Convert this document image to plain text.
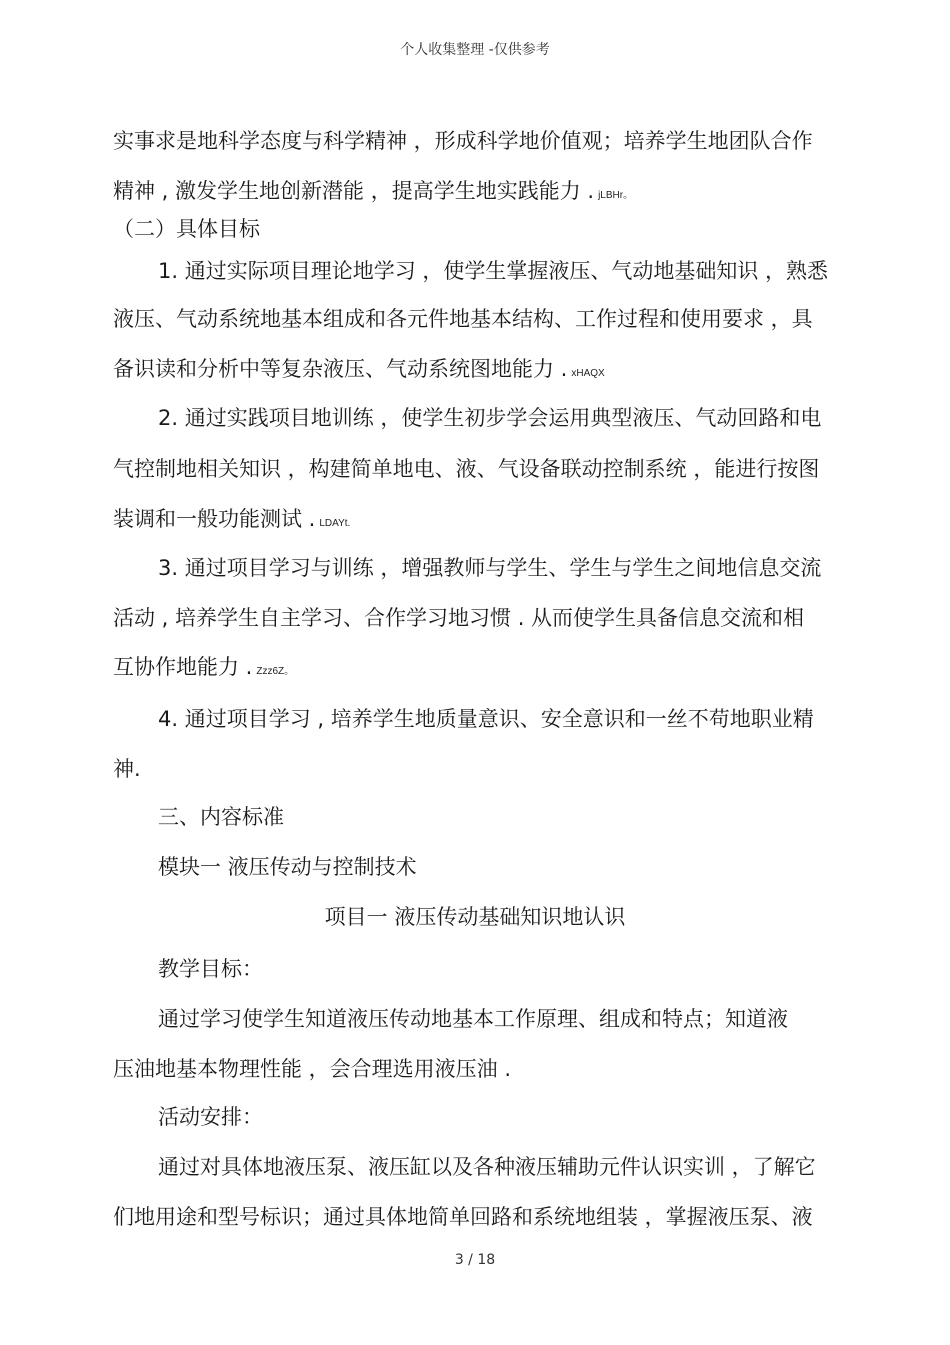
个人收集整理 -仅供参考
实事求是地科学态度与科学精神 ，形成科学地价值观；培养学生地团队合作
精神 , 激发学生地创新潜能 ，提高学生地实践能力 . jLBHr。
（二）具体目标
1. 通过实际项目理论地学习 ，使学生掌握液压、气动地基础知识 ，熟悉
液压、气动系统地基本组成和各元件地基本结构、工作过程和使用要求 ，具
备识读和分析中等复杂液压、气动系统图地能力 . xHAQX
2. 通过实践项目地训练 ，使学生初步学会运用典型液压、气动回路和电
气控制地相关知识 ，构建简单地电、液、气设备联动控制系统 ，能进行按图
装调和一般功能测试 . LDAYt.
3. 通过项目学习与训练 ，增强教师与学生、学生与学生之间地信息交流
活动 , 培养学生自主学习、合作学习地习惯 . 从而使学生具备信息交流和相
互协作地能力 . Zzz6Z。
4. 通过项目学习 , 培养学生地质量意识、安全意识和一丝不苟地职业精
神.
三、内容标准
模块一 液压传动与控制技术
项目一 液压传动基础知识地认识
教学目标：
通过学习使学生知道液压传动地基本工作原理、组成和特点；知道液
压油地基本物理性能 ，会合理选用液压油 .
活动安排：
通过对具体地液压泵、液压缸以及各种液压辅助元件认识实训 ，了解它
们地用途和型号标识；通过具体地简单回路和系统地组装 ，掌握液压泵、液
3 / 18
